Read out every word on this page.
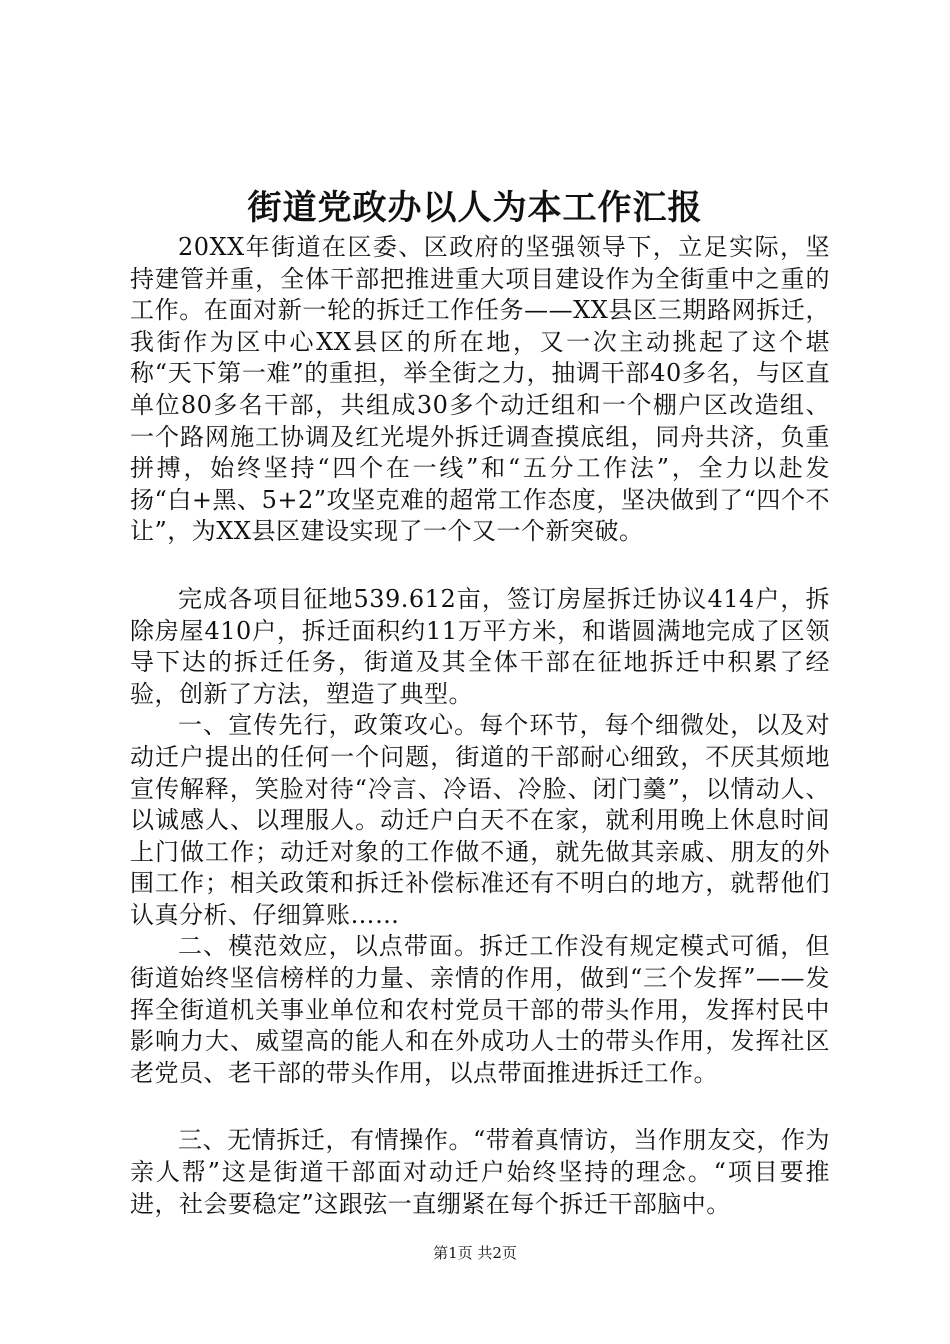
街道党政办以人为本工作汇报

20XX年街道在区委、区政府的坚强领导下，立足实际，坚持建管并重，全体干部把推进重大项目建设作为全街重中之重的工作。在面对新一轮的拆迁工作任务——XX县区三期路网拆迁，我街作为区中心XX县区的所在地，又一次主动挑起了这个堪称“天下第一难”的重担，举全街之力，抽调干部40多名，与区直单位80多名干部，共组成30多个动迁组和一个棚户区改造组、一个路网施工协调及红光堤外拆迁调查摸底组，同舟共济，负重拼搏，始终坚持“四个在一线”和“五分工作法”，全力以赴发扬“白+黑、5+2”攻坚克难的超常工作态度，坚决做到了“四个不让”，为XX县区建设实现了一个又一个新突破。

完成各项目征地539.612亩，签订房屋拆迁协议414户，拆除房屋410户，拆迁面积约11万平方米，和谐圆满地完成了区领导下达的拆迁任务，街道及其全体干部在征地拆迁中积累了经验，创新了方法，塑造了典型。

一、宣传先行，政策攻心。每个环节，每个细微处，以及对动迁户提出的任何一个问题，街道的干部耐心细致，不厌其烦地宣传解释，笑脸对待“冷言、冷语、冷脸、闭门羹”，以情动人、以诚感人、以理服人。动迁户白天不在家，就利用晚上休息时间上门做工作；动迁对象的工作做不通，就先做其亲戚、朋友的外围工作；相关政策和拆迁补偿标准还有不明白的地方，就帮他们认真分析、仔细算账……

二、模范效应，以点带面。拆迁工作没有规定模式可循，但街道始终坚信榜样的力量、亲情的作用，做到“三个发挥”——发挥全街道机关事业单位和农村党员干部的带头作用，发挥村民中影响力大、威望高的能人和在外成功人士的带头作用，发挥社区老党员、老干部的带头作用，以点带面推进拆迁工作。

三、无情拆迁，有情操作。“带着真情访，当作朋友交，作为亲人帮”这是街道干部面对动迁户始终坚持的理念。“项目要推进，社会要稳定”这跟弦一直绷紧在每个拆迁干部脑中。

第1页 共2页
